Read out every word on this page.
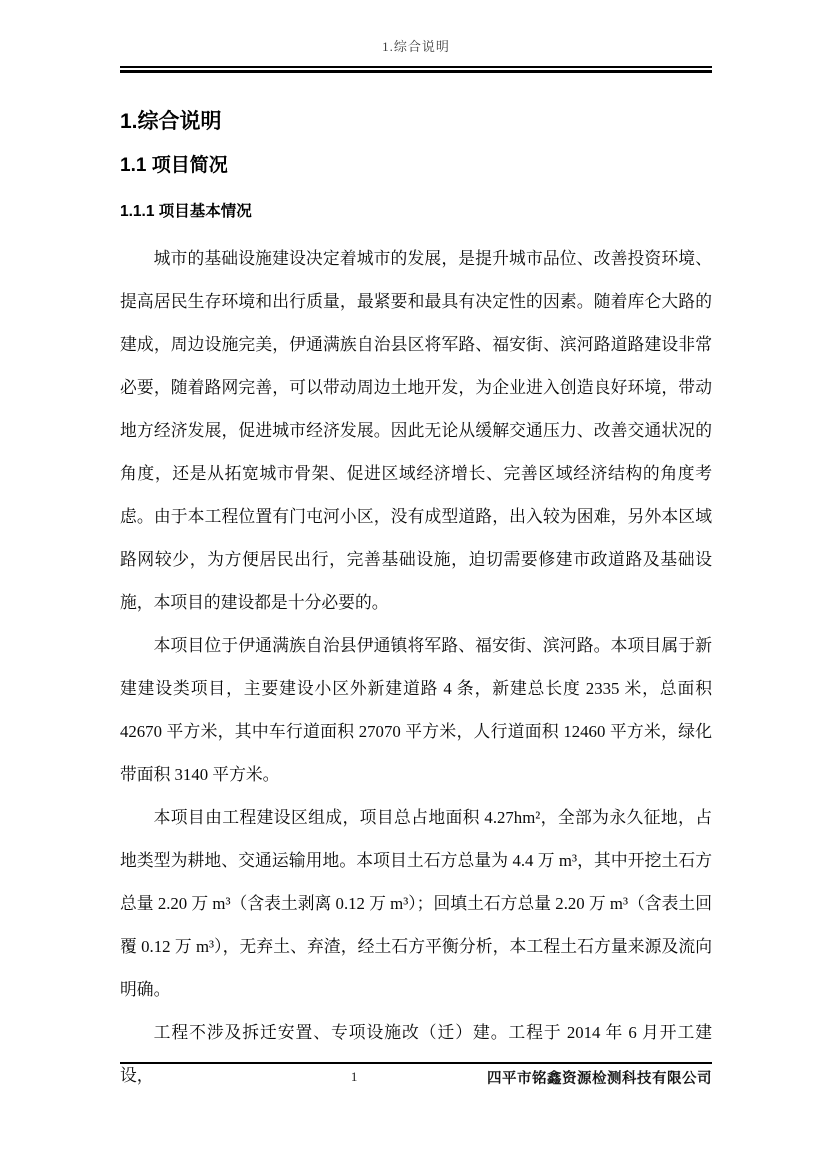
1.综合说明
1.综合说明
1.1 项目简况
1.1.1 项目基本情况

城市的基础设施建设决定着城市的发展，是提升城市品位、改善投资环境、提高居民生存环境和出行质量，最紧要和最具有决定性的因素。随着库仑大路的建成，周边设施完美，伊通满族自治县区将军路、福安街、滨河路道路建设非常必要，随着路网完善，可以带动周边土地开发，为企业进入创造良好环境，带动地方经济发展，促进城市经济发展。因此无论从缓解交通压力、改善交通状况的角度，还是从拓宽城市骨架、促进区域经济增长、完善区域经济结构的角度考虑。由于本工程位置有门屯河小区，没有成型道路，出入较为困难，另外本区域路网较少，为方便居民出行，完善基础设施，迫切需要修建市政道路及基础设施，本项目的建设都是十分必要的。

本项目位于伊通满族自治县伊通镇将军路、福安街、滨河路。本项目属于新建建设类项目，主要建设小区外新建道路 4 条，新建总长度 2335 米，总面积 42670 平方米，其中车行道面积 27070 平方米，人行道面积 12460 平方米，绿化带面积 3140 平方米。

本项目由工程建设区组成，项目总占地面积 4.27hm²，全部为永久征地，占地类型为耕地、交通运输用地。本项目土石方总量为 4.4 万 m³，其中开挖土石方总量 2.20 万 m³（含表土剥离 0.12 万 m³）；回填土石方总量 2.20 万 m³（含表土回覆 0.12 万 m³），无弃土、弃渣，经土石方平衡分析，本工程土石方量来源及流向明确。

工程不涉及拆迁安置、专项设施改（迁）建。工程于 2014 年 6 月开工建设，	1	四平市铭鑫资源检测科技有限公司
